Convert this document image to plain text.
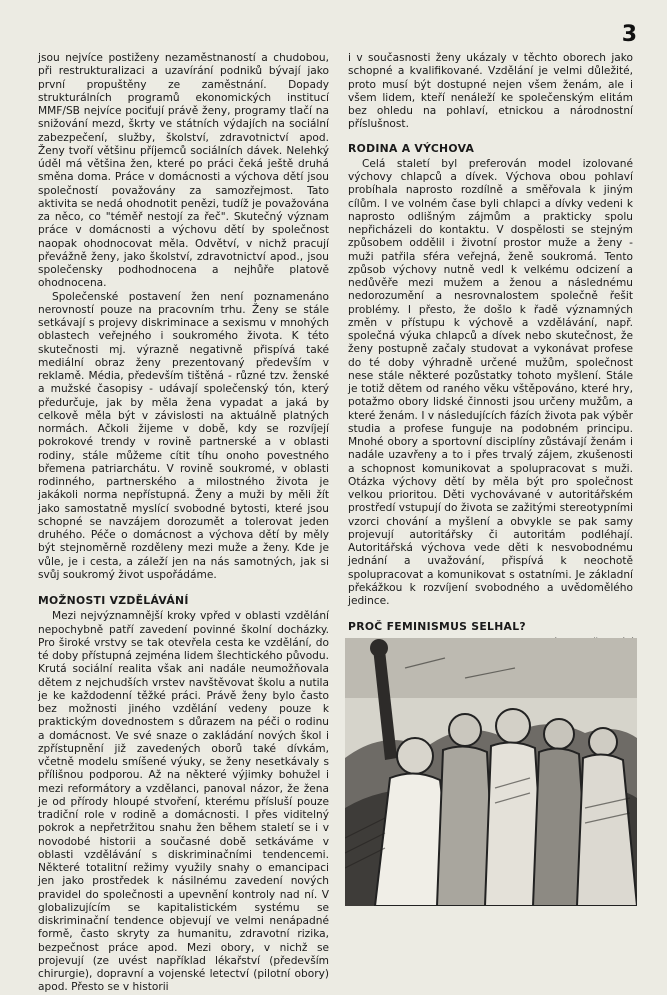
3

jsou nejvíce postiženy nezaměstnaností a chudobou, při restrukturalizaci a uzavírání podniků bývají jako první propuštěny ze zaměstnání. Dopady strukturálních programů ekonomických institucí MMF/SB nejvíce pociťují právě ženy, programy tlačí na snižování mezd, škrty ve státních výdajích na sociální zabezpečení, služby, školství, zdravotnictví apod. Ženy tvoří většinu příjemců sociálních dávek. Nelehký úděl má většina žen, které po práci čeká ještě druhá směna doma. Práce v domácnosti a výchova dětí jsou společností považovány za samozřejmost. Tato aktivita se nedá ohodnotit penězi, tudíž je považována za něco, co "téměř nestojí za řeč". Skutečný význam práce v domácnosti a výchovu dětí by společnost naopak ohodnocovat měla. Odvětví, v nichž pracují převážně ženy, jako školství, zdravotnictví apod., jsou společensky podhodnocena a nejhůře platově ohodnocena.

Společenské postavení žen není poznamenáno nerovností pouze na pracovním trhu. Ženy se stále setkávají s projevy diskriminace a sexismu v mnohých oblastech veřejného i soukromého života. K této skutečnosti mj. výrazně negativně přispívá také mediální obraz ženy prezentovaný především v reklamě. Média, především tištěná - různé tzv. ženské a mužské časopisy - udávají společenský tón, který předurčuje, jak by měla žena vypadat a jaká by celkově měla být v závislosti na aktuálně platných normách. Ačkoli žijeme v době, kdy se rozvíjejí pokrokové trendy v rovině partnerské a v oblasti rodiny, stále můžeme cítit tíhu onoho povestného břemena patriarchátu. V rovině soukromé, v oblasti rodinného, partnerského a milostného života je jakákoli norma nepřístupná. Ženy a muži by měli žít jako samostatně myslící svobodné bytosti, které jsou schopné se navzájem dorozumět a tolerovat jeden druhého. Péče o domácnost a výchova dětí by měly být stejnoměrně rozděleny mezi muže a ženy. Kde je vůle, je i cesta, a záleží jen na nás samotných, jak si svůj soukromý život uspořádáme.

MOŽNOSTI VZDĚLÁVÁNÍ

Mezi nejvýznamnější kroky vpřed v oblasti vzdělání nepochybně patří zavedení povinné školní docházky. Pro široké vrstvy se tak otevřela cesta ke vzdělání, do té doby přístupná zejména lidem šlechtického původu. Krutá sociální realita však ani nadále neumožňovala dětem z nejchudších vrstev navštěvovat školu a nutila je ke každodenní těžké práci. Právě ženy bylo často bez možnosti jiného vzdělání vedeny pouze k praktickým dovednostem s důrazem na péči o rodinu a domácnost. Ve své snaze o zakládání nových škol i zpřístupnění již zavedených oborů také dívkám, včetně modelu smíšené výuky, se ženy nesetkávaly s přílišnou podporou. Až na některé výjimky bohužel i mezi reformátory a vzdělanci, panoval názor, že žena je od přírody hloupé stvoření, kterému přísluší pouze tradiční role v rodině a domácnosti. I přes viditelný pokrok a nepřetržitou snahu žen během staletí se i v novodobé historii a současné době setkáváme v oblasti vzdělávání s diskriminačními tendencemi. Některé totalitní režimy využily snahy o emancipaci jen jako prostředek k násilnému zavedení nových pravidel do společnosti a upevnění kontroly nad ní. V globalizujícím se kapitalistickém systému se diskriminační tendence objevují ve velmi nenápadné formě, často skryty za humanitu, zdravotní rizika, bezpečnost práce apod. Mezi obory, v nichž se projevují (ze uvést například lékařství (především chirurgie), dopravní a vojenské letectví (pilotní obory) apod. Přesto se v historii

i v současnosti ženy ukázaly v těchto oborech jako schopné a kvalifikované. Vzdělání je velmi důležité, proto musí být dostupné nejen všem ženám, ale i všem lidem, kteří nenáleží ke společenským elitám bez ohledu na pohlaví, etnickou a národnostní příslušnost.

RODINA A VÝCHOVA

Celá staletí byl preferován model izolované výchovy chlapců a dívek. Výchova obou pohlaví probíhala naprosto rozdílně a směřovala k jiným cílům. I ve volném čase byli chlapci a dívky vedeni k naprosto odlišným zájmům a prakticky spolu nepřicházeli do kontaktu. V dospělosti se stejným způsobem oddělil i životní prostor muže a ženy - muži patřila sféra veřejná, ženě soukromá. Tento způsob výchovy nutně vedl k velkému odcizení a nedůvěře mezi mužem a ženou a následnému nedorozumění a nesrovnalostem společně řešit problémy. I přesto, že došlo k řadě významných změn v přístupu k výchově a vzdělávání, např. společná výuka chlapců a dívek nebo skutečnost, že ženy postupně začaly studovat a vykonávat profese do té doby výhradně určené mužům, společnost nese stále některé pozůstatky tohoto myšlení. Stále je totiž dětem od raného věku vštěpováno, které hry, potažmo obory lidské činnosti jsou určeny mužům, a které ženám. I v následujících fázích života pak výběr studia a profese funguje na podobném principu. Mnohé obory a sportovní disciplíny zůstávají ženám i nadále uzavřeny a to i přes trvalý zájem, zkušenosti a schopnost komunikovat a spolupracovat s muži. Otázka výchovy dětí by měla být pro společnost velkou prioritou. Děti vychovávané v autoritářském prostředí vstupují do života se zažitými stereotypními vzorci chování a myšlení a obvykle se pak samy projevují autoritářsky či autoritám podléhají. Autoritářská výchova vede děti k nesvobodnému jednání a uvažování, přispívá k neochotě spolupracovat a komunikovat s ostatními. Je základní překážkou k rozvíjení svobodného a uvědomělého jedince.

PROČ FEMINISMUS SELHAL?
